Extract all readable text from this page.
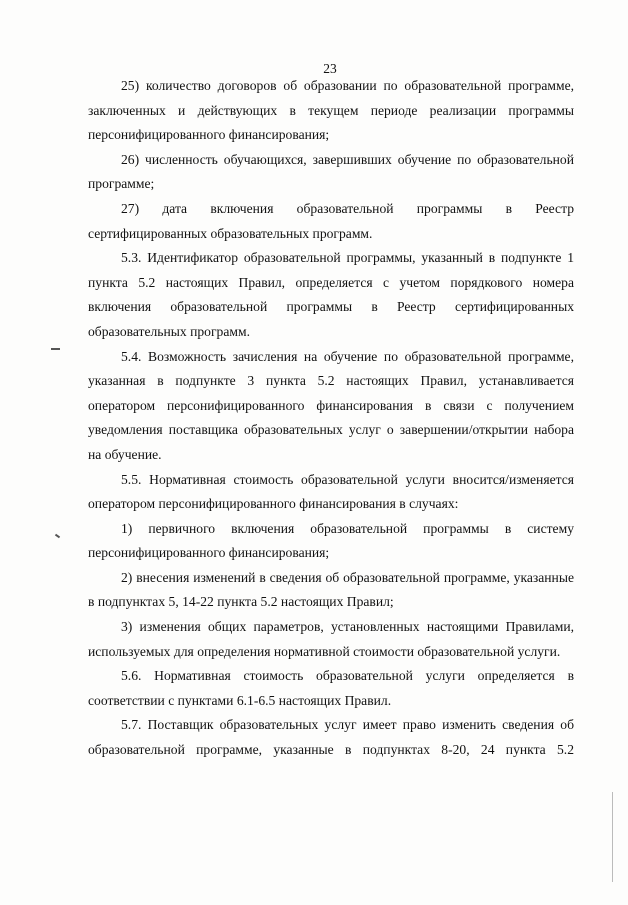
23

25) количество договоров об образовании по образовательной программе, заключенных и действующих в текущем периоде реализации программы персонифицированного финансирования;

26) численность обучающихся, завершивших обучение по образовательной программе;

27) дата включения образовательной программы в Реестр сертифицированных образовательных программ.

5.3. Идентификатор образовательной программы, указанный в подпункте 1 пункта 5.2 настоящих Правил, определяется с учетом порядкового номера включения образовательной программы в Реестр сертифицированных образовательных программ.

5.4. Возможность зачисления на обучение по образовательной программе, указанная в подпункте 3 пункта 5.2 настоящих Правил, устанавливается оператором персонифицированного финансирования в связи с получением уведомления поставщика образовательных услуг о завершении/открытии набора на обучение.

5.5. Нормативная стоимость образовательной услуги вносится/изменяется оператором персонифицированного финансирования в случаях:

1) первичного включения образовательной программы в систему персонифицированного финансирования;

2) внесения изменений в сведения об образовательной программе, указанные в подпунктах 5, 14-22 пункта 5.2 настоящих Правил;

3) изменения общих параметров, установленных настоящими Правилами, используемых для определения нормативной стоимости образовательной услуги.

5.6. Нормативная стоимость образовательной услуги определяется в соответствии с пунктами 6.1-6.5 настоящих Правил.

5.7. Поставщик образовательных услуг имеет право изменить сведения об образовательной программе, указанные в подпунктах 8-20, 24 пункта 5.2
